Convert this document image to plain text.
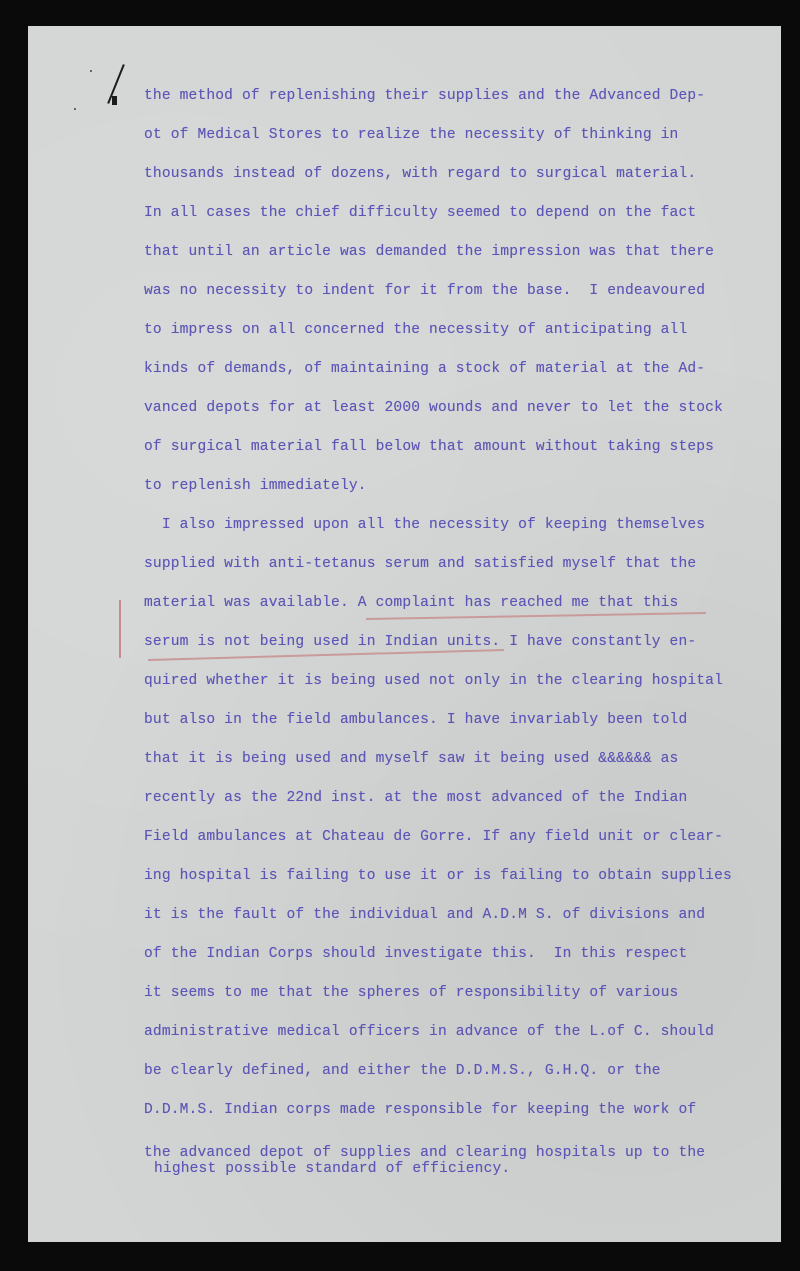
the method of replenishing their supplies and the Advanced Dep-

ot of Medical Stores to realize the necessity of thinking in

thousands instead of dozens, with regard to surgical material.

In all cases the chief difficulty seemed to depend on the fact

that until an article was demanded the impression was that there

was no necessity to indent for it from the base.  I endeavoured

to impress on all concerned the necessity of anticipating all

kinds of demands, of maintaining a stock of material at the Ad-

vanced depots for at least 2000 wounds and never to let the stock

of surgical material fall below that amount without taking steps

to replenish immediately.

I also impressed upon all the necessity of keeping themselves

supplied with anti-tetanus serum and satisfied myself that the

material was available. A complaint has reached me that this

serum is not being used in Indian units. I have constantly en-

quired whether it is being used not only in the clearing hospital

but also in the field ambulances. I have invariably been told

that it is being used and myself saw it being used &&&&&& as

recently as the 22nd inst. at the most advanced of the Indian

Field ambulances at Chateau de Gorre. If any field unit or clear-

ing hospital is failing to use it or is failing to obtain supplies

it is the fault of the individual and A.D.M S. of divisions and

of the Indian Corps should investigate this.  In this respect

it seems to me that the spheres of responsibility of various

administrative medical officers in advance of the L.of C. should

be clearly defined, and either the D.D.M.S., G.H.Q. or the

D.D.M.S. Indian corps made responsible for keeping the work of

the advanced depot of supplies and clearing hospitals up to the

highest possible standard of efficiency.
